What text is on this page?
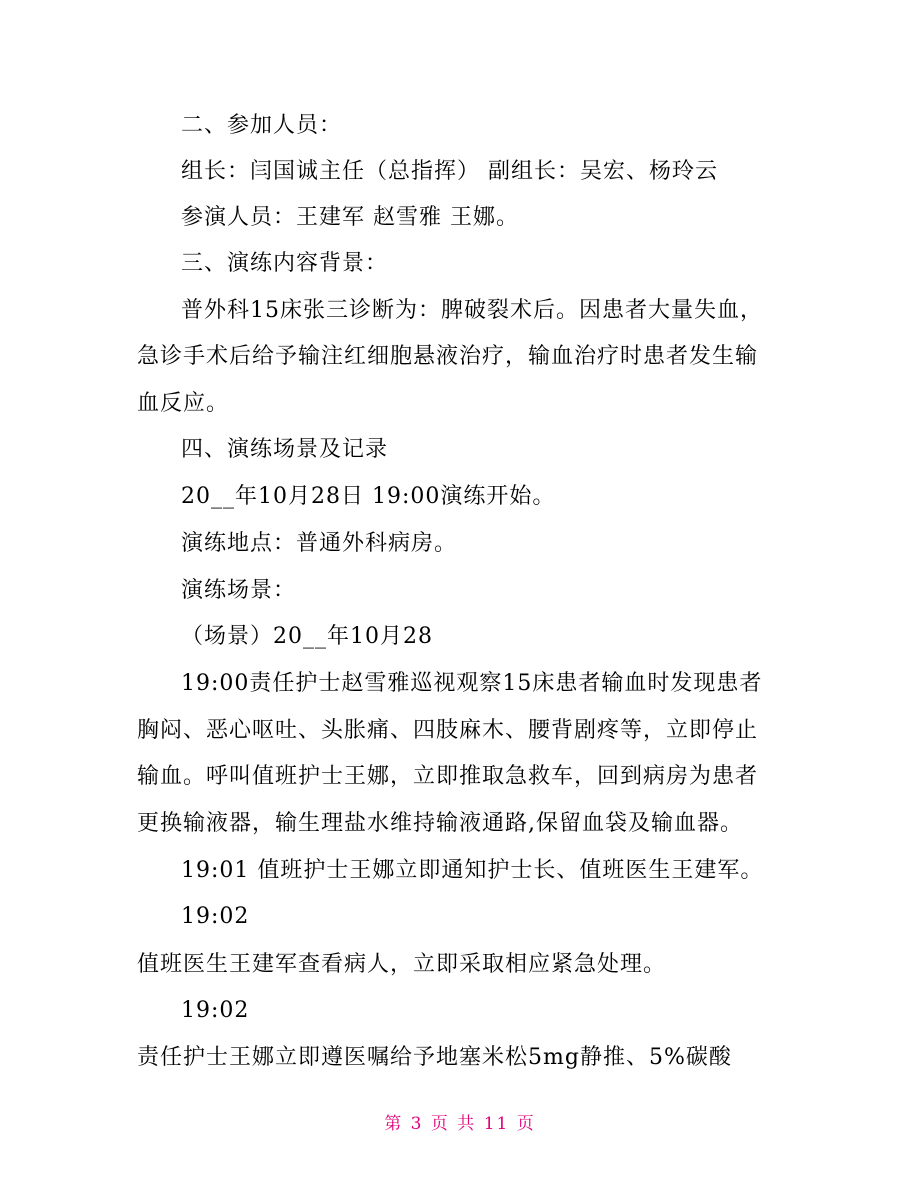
二、参加人员：
组长：闫国诚主任（总指挥） 副组长：吴宏、杨玲云
参演人员：王建军 赵雪雅 王娜。
三、演练内容背景：
普外科15床张三诊断为：脾破裂术后。因患者大量失血，
急诊手术后给予输注红细胞悬液治疗，输血治疗时患者发生输
血反应。
四、演练场景及记录
20__年10月28日 19:00演练开始。
演练地点：普通外科病房。
演练场景：
（场景）20__年10月28
19:00责任护士赵雪雅巡视观察15床患者输血时发现患者
胸闷、恶心呕吐、头胀痛、四肢麻木、腰背剧疼等，立即停止
输血。呼叫值班护士王娜，立即推取急救车，回到病房为患者
更换输液器，输生理盐水维持输液通路,保留血袋及输血器。
19:01 值班护士王娜立即通知护士长、值班医生王建军。
19:02
值班医生王建军查看病人，立即采取相应紧急处理。
19:02
责任护士王娜立即遵医嘱给予地塞米松5mg静推、5%碳酸
第 3 页 共 11 页
